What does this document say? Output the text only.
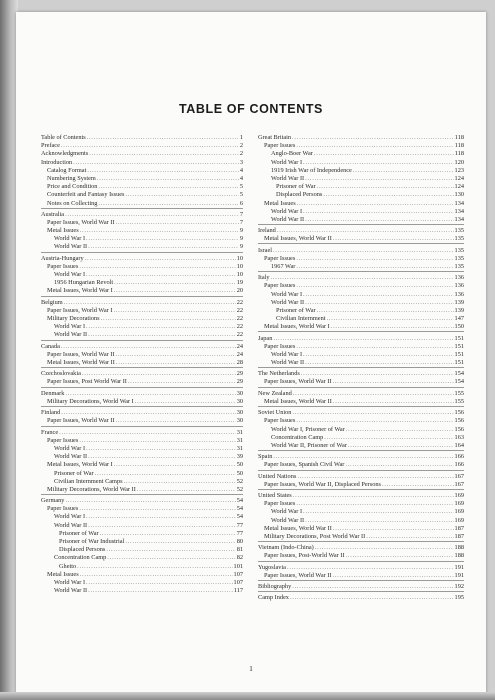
TABLE OF CONTENTS
Table of Contents . . .	1
Preface . . .	2
Acknowledgments . . .	2
Introduction . . .	3
Catalog Format . . .	4
Numbering System . . .	4
Price and Condition . . .	5
Counterfeit and Fantasy Issues . . .	5
Notes on Collecting . . .	6
Australia . . .	7
Paper Issues, World War II . . .	7
Metal Issues . . .	9
World War I . . .	9
World War II . . .	9
Austria-Hungary . . .	10
Paper Issues . . .	10
World War I . . .	10
1956 Hungarian Revolt . . .	19
Metal Issues, World War I . . .	20
Belgium . . .	22
Paper Issues, World War I . . .	22
Military Decorations . . .	22
World War I . . .	22
World War II . . .	22
Canada . . .	24
Paper Issues, World War II . . .	24
Metal Issues, World War II . . .	28
Czechoslovakia . . .	29
Paper Issues, Post World War II . . .	29
Denmark . . .	30
Military Decorations, World War I . . .	30
Finland . . .	30
Paper Issues, World War II . . .	30
France . . .	31
Paper Issues . . .	31
World War I . . .	31
World War II . . .	39
Metal Issues, World War I . . .	50
Prisoner of War . . .	50
Civilian Internment Camps . . .	52
Military Decorations, World War II . . .	52
Germany . . .	54
Paper Issues . . .	54
World War I . . .	54
World War II . . .	77
Prisoner of War . . .	77
Prisoner of War Industrial . . .	80
Displaced Persons . . .	81
Concentration Camp . . .	82
Ghetto . . .	101
Metal Issues . . .	107
World War I . . .	107
World War II . . .	117
Great Britain . . .	118
Paper Issues . . .	118
Anglo-Boer War . . .	118
World War I . . .	120
1919 Irish War of Independence . . .	123
World War II . . .	124
Prisoner of War . . .	124
Displaced Persons . . .	130
Metal Issues . . .	134
World War I . . .	134
World War II . . .	134
Ireland . . .	135
Metal Issues, World War II . . .	135
Israel . . .	135
Paper Issues . . .	135
1967 War . . .	135
Italy . . .	136
Paper Issues . . .	136
World War I . . .	136
World War II . . .	139
Prisoner of War . . .	139
Civilian Internment . . .	147
Metal Issues, World War I . . .	150
Japan . . .	151
Paper Issues . . .	151
World War I . . .	151
World War II . . .	151
The Netherlands . . .	154
Paper Issues, World War II . . .	154
New Zealand . . .	155
Metal Issues, World War II . . .	155
Soviet Union . . .	156
Paper Issues . . .	156
World War I, Prisoner of War . . .	156
Concentration Camp . . .	163
World War II, Prisoner of War . . .	164
Spain . . .	166
Paper Issues, Spanish Civil War . . .	166
United Nations . . .	167
Paper Issues, World War II, Displaced Persons . . .	167
United States . . .	169
Paper Issues . . .	169
World War I . . .	169
World War II . . .	169
Metal Issues, World War II . . .	187
Military Decorations, Post World War II . . .	187
Vietnam (Indo-China) . . .	188
Paper Issues, Post-World War II . . .	188
Yugoslavia . . .	191
Paper Issues, World War II . . .	191
Bibliography . . .	192
Camp Index . . .	195
1
